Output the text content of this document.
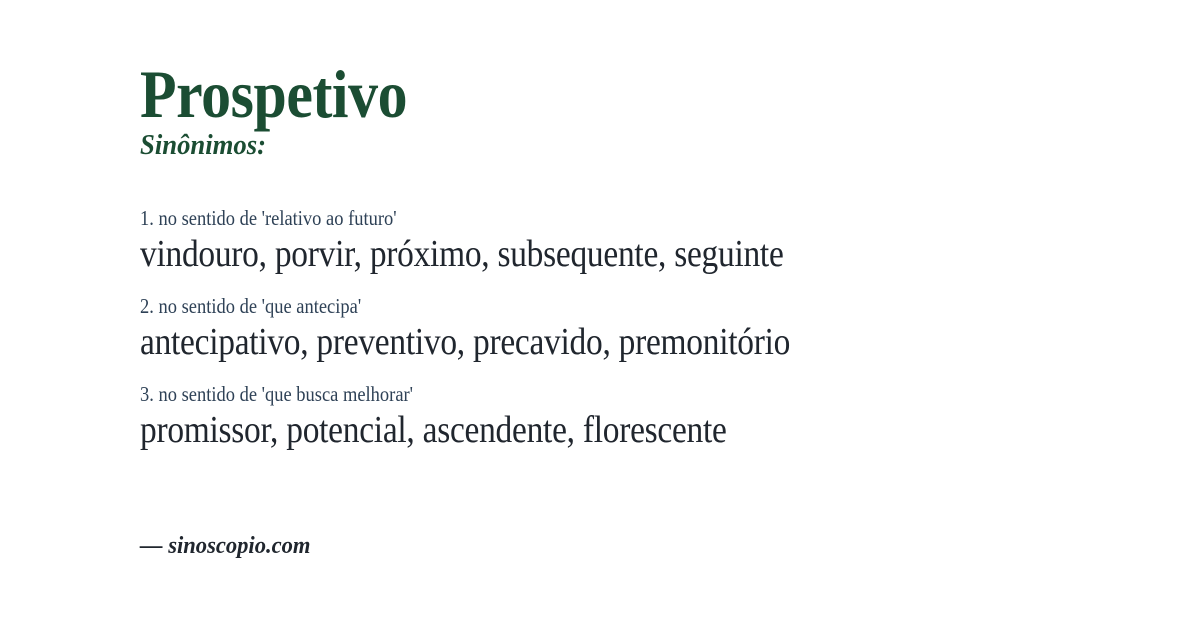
Prospetivo
Sinônimos:

1. no sentido de 'relativo ao futuro'

vindouro, porvir, próximo, subsequente, seguinte

2. no sentido de 'que antecipa'

antecipativo, preventivo, precavido, premonitório

3. no sentido de 'que busca melhorar'

promissor, potencial, ascendente, florescente

— sinoscopio.com
